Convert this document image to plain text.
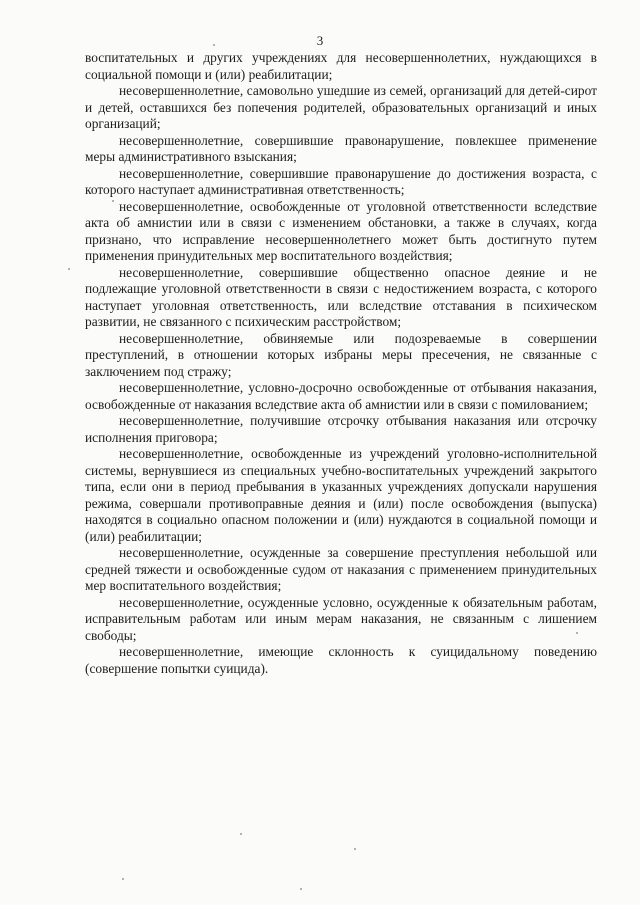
3

воспитательных и других учреждениях для несовершеннолетних, нуждающихся в социальной помощи и (или) реабилитации;

несовершеннолетние, самовольно ушедшие из семей, организаций для детей-сирот и детей, оставшихся без попечения родителей, образовательных организаций и иных организаций;

несовершеннолетние, совершившие правонарушение, повлекшее применение меры административного взыскания;

несовершеннолетние, совершившие правонарушение до достижения возраста, с которого наступает административная ответственность;

несовершеннолетние, освобожденные от уголовной ответственности вследствие акта об амнистии или в связи с изменением обстановки, а также в случаях, когда признано, что исправление несовершеннолетнего может быть достигнуто путем применения принудительных мер воспитательного воздействия;

несовершеннолетние, совершившие общественно опасное деяние и не подлежащие уголовной ответственности в связи с недостижением возраста, с которого наступает уголовная ответственность, или вследствие отставания в психическом развитии, не связанного с психическим расстройством;

несовершеннолетние, обвиняемые или подозреваемые в совершении преступлений, в отношении которых избраны меры пресечения, не связанные с заключением под стражу;

несовершеннолетние, условно-досрочно освобожденные от отбывания наказания, освобожденные от наказания вследствие акта об амнистии или в связи с помилованием;

несовершеннолетние, получившие отсрочку отбывания наказания или отсрочку исполнения приговора;

несовершеннолетние, освобожденные из учреждений уголовно-исполнительной системы, вернувшиеся из специальных учебно-воспитательных учреждений закрытого типа, если они в период пребывания в указанных учреждениях допускали нарушения режима, совершали противоправные деяния и (или) после освобождения (выпуска) находятся в социально опасном положении и (или) нуждаются в социальной помощи и (или) реабилитации;

несовершеннолетние, осужденные за совершение преступления небольшой или средней тяжести и освобожденные судом от наказания с применением принудительных мер воспитательного воздействия;

несовершеннолетние, осужденные условно, осужденные к обязательным работам, исправительным работам или иным мерам наказания, не связанным с лишением свободы;

несовершеннолетние, имеющие склонность к суицидальному поведению (совершение попытки суицида).
